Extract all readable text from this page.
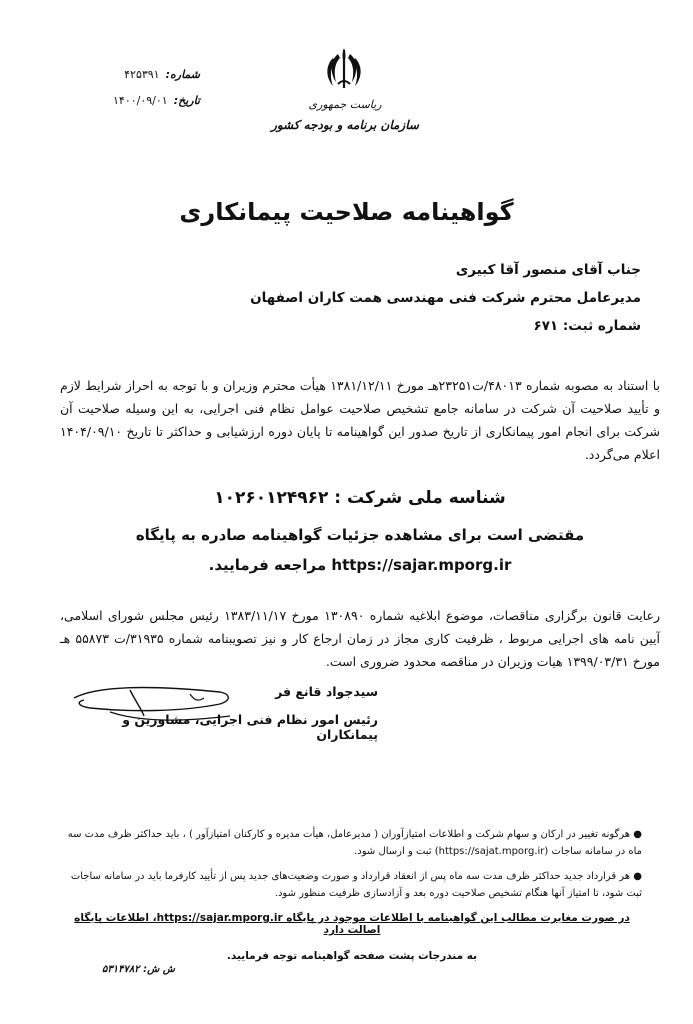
شماره:
۴۲۵۳۹۱
تاریخ:
۱۴۰۰/۰۹/۰۱	ریاست جمهوری
سازمان برنامه و بودجه کشور
گواهینامه صلاحیت پیمانکاری
جناب آقای منصور آقا کبیری
مدیرعامل محترم شرکت فنی مهندسی همت کاران اصفهان
شماره ثبت: ۶۷۱
با استناد به مصوبه شماره ۴۸۰۱۳/ت۲۳۲۵۱هـ مورخ ۱۳۸۱/۱۲/۱۱ هیأت محترم وزیران و با توجه به احراز شرایط لازم و تأیید صلاحیت آن شرکت در سامانه جامع تشخیص صلاحیت عوامل نظام فنی اجرایی، به این وسیله صلاحیت آن شرکت برای انجام امور پیمانکاری از تاریخ صدور این گواهینامه تا پایان دوره ارزشیابی و حداکثر تا تاریخ ۱۴۰۴/۰۹/۱۰ اعلام می‌گردد.
شناسه ملی شرکت : ۱۰۲۶۰۱۲۴۹۶۲
مقتضی است برای مشاهده جزئیات گواهینامه صادره به پایگاه
https://sajar.mporg.ir مراجعه فرمایید.
رعایت قانون برگزاری مناقصات، موضوع ابلاغیه شماره ۱۳۰۸۹۰ مورخ ۱۳۸۳/۱۱/۱۷ رئیس مجلس شورای اسلامی، آیین نامه های اجرایی مربوط ، ظرفیت کاری مجاز در زمان ارجاع کار و نیز تصویبنامه شماره ۳۱۹۳۵/ت ۵۵۸۷۳ هـ مورخ ۱۳۹۹/۰۳/۳۱ هیات وزیران در مناقصه محدود ضروری است.
سیدجواد قانع فر
رئیس امور نظام فنی اجرایی، مشاورین و پیمانکاران
● هرگونه تغییر در ارکان و سهام شرکت و اطلاعات امتیازآوران ( مدیرعامل، هیأت مدیره و کارکنان امتیازآور ) ، باید حداکثر ظرف مدت سه ماه در سامانه ساجات (https://sajat.mporg.ir) ثبت و ارسال شود.
● هر قرارداد جدید حداکثر ظرف مدت سه ماه پس از انعقاد قرارداد و صورت وضعیت‌های جدید پس از تأیید کارفرما باید در سامانه ساجات ثبت شود، تا امتیاز آنها هنگام تشخیص صلاحیت دوره بعد و آزادسازی ظرفیت منظور شود.
در صورت مغایرت مطالب این گواهینامه با اطلاعات موجود در پایگاه https://sajar.mporg.ir، اطلاعات پایگاه اصالت دارد
به مندرجات پشت صفحه گواهینامه توجه فرمایید.
ش ش: ۵۳۱۴۷۸۲
